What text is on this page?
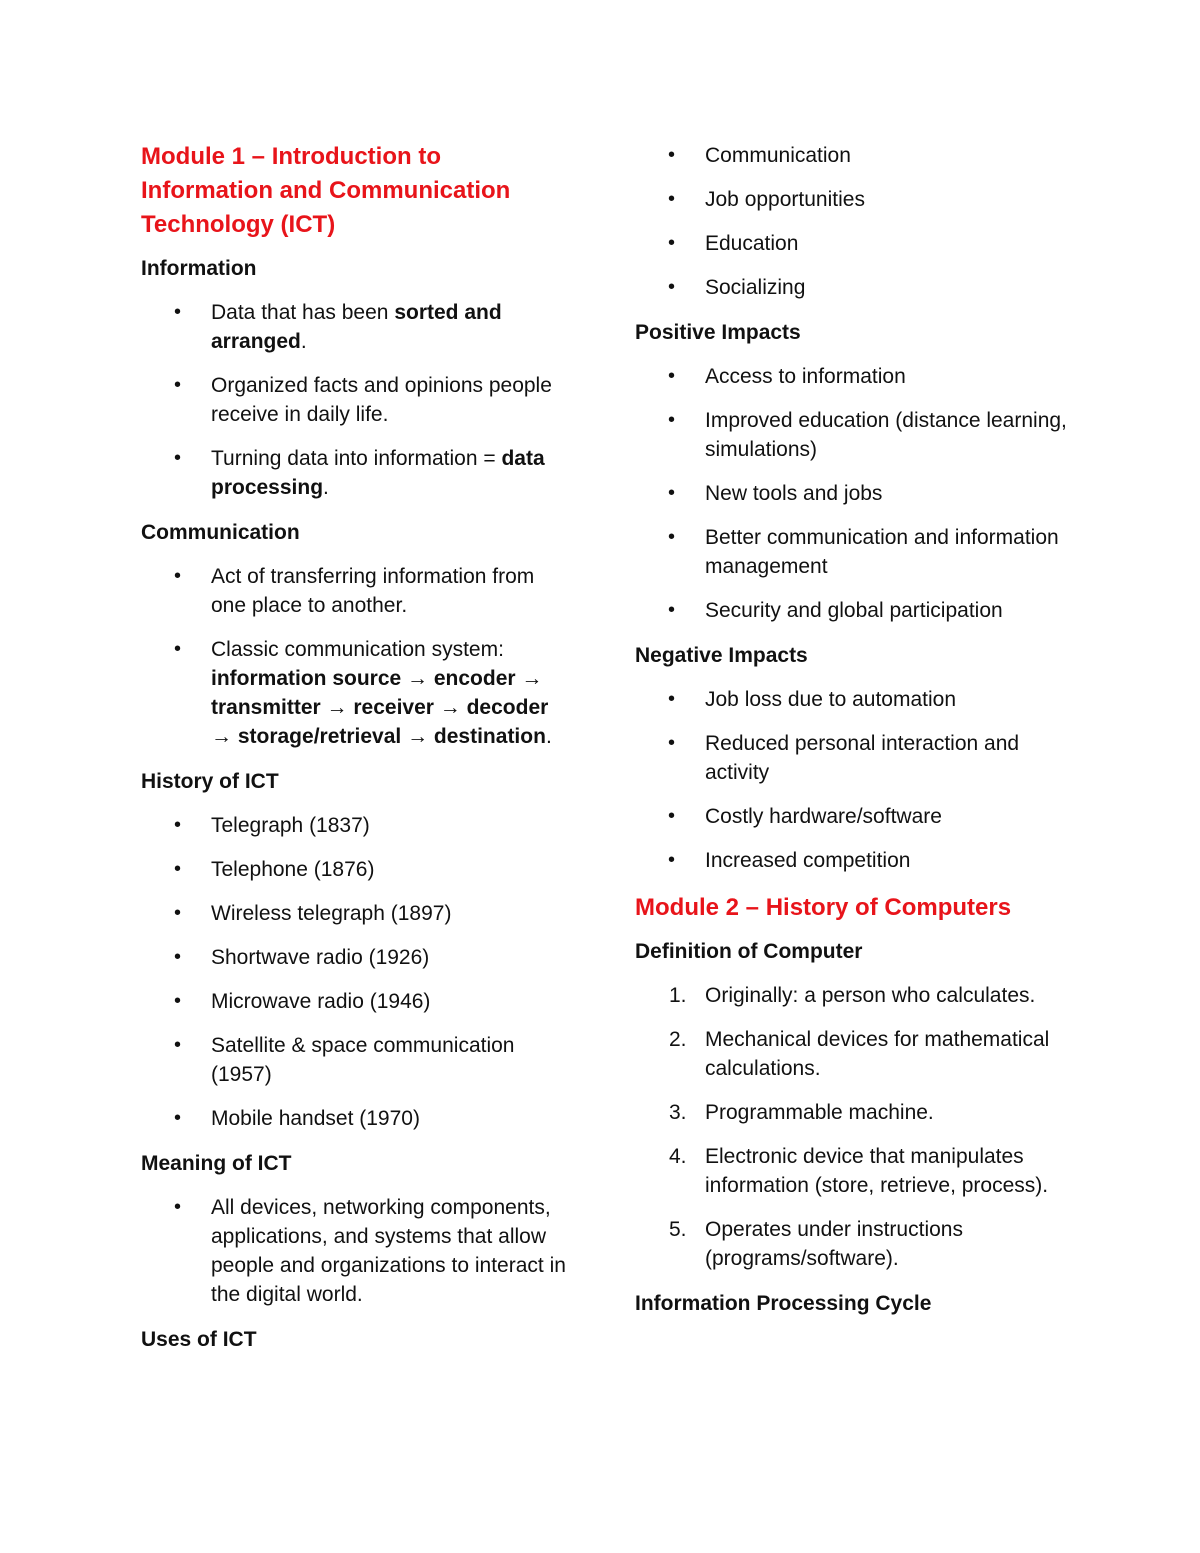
Module 1 – Introduction to Information and Communication Technology (ICT)
Information
• Data that has been sorted and arranged.
• Organized facts and opinions people receive in daily life.
• Turning data into information = data processing.
Communication
• Act of transferring information from one place to another.
• Classic communication system: information source → encoder → transmitter → receiver → decoder → storage/retrieval → destination.
History of ICT
• Telegraph (1837)
• Telephone (1876)
• Wireless telegraph (1897)
• Shortwave radio (1926)
• Microwave radio (1946)
• Satellite & space communication (1957)
• Mobile handset (1970)
Meaning of ICT
• All devices, networking components, applications, and systems that allow people and organizations to interact in the digital world.
Uses of ICT
• Communication
• Job opportunities
• Education
• Socializing
Positive Impacts
• Access to information
• Improved education (distance learning, simulations)
• New tools and jobs
• Better communication and information management
• Security and global participation
Negative Impacts
• Job loss due to automation
• Reduced personal interaction and activity
• Costly hardware/software
• Increased competition
Module 2 – History of Computers
Definition of Computer
1. Originally: a person who calculates.
2. Mechanical devices for mathematical calculations.
3. Programmable machine.
4. Electronic device that manipulates information (store, retrieve, process).
5. Operates under instructions (programs/software).
Information Processing Cycle
